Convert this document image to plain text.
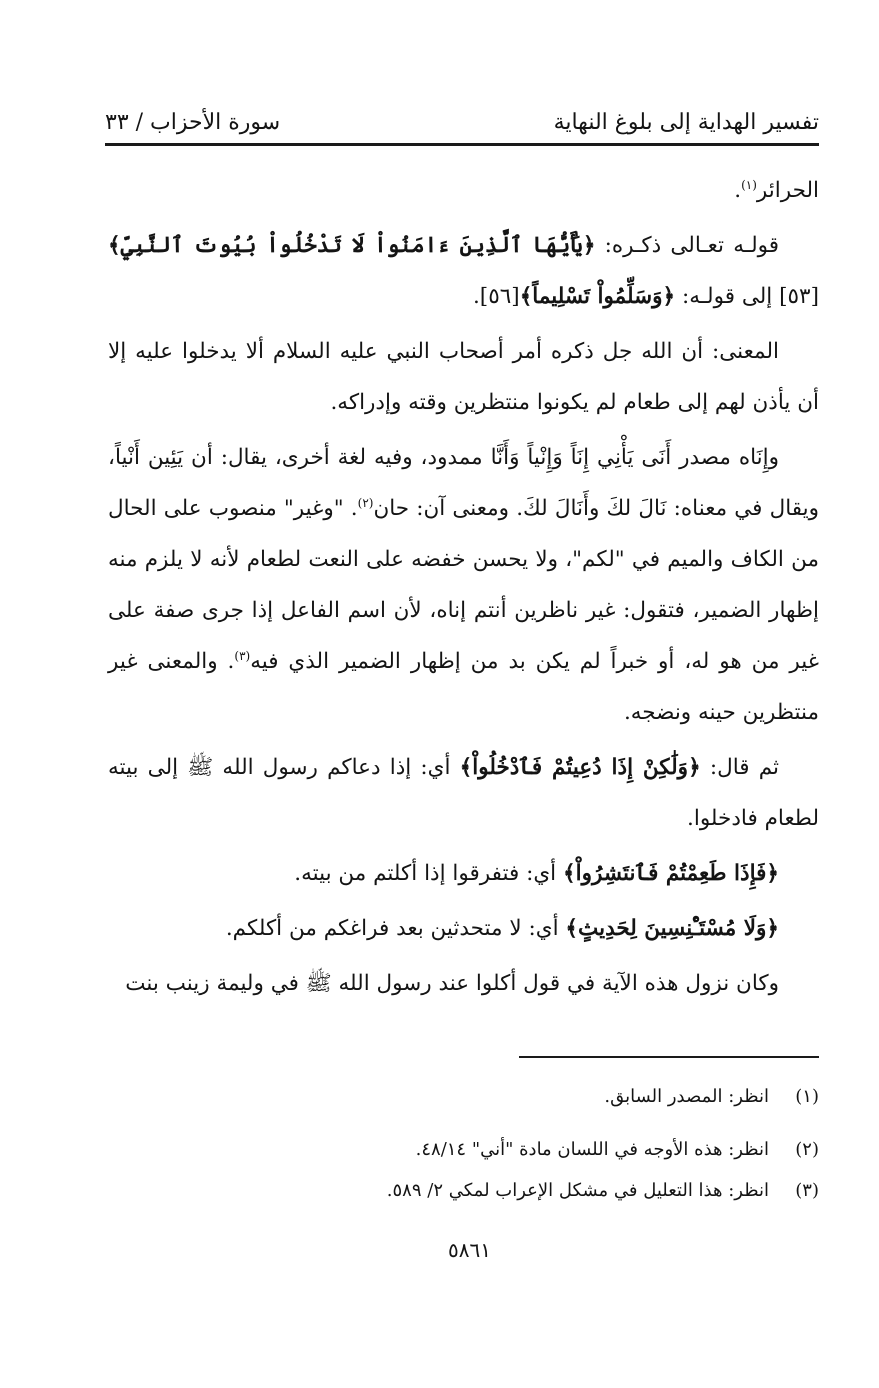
تفسير الهداية إلى بلوغ النهاية
سورة الأحزاب / ٣٣

الحرائر$^{(١)}$.

قولـه تعـالى ذكـره: ﴿يَٰأَيُّهَا ٱلَّذِينَ ءَامَنُواْ لَا تَدْخُلُواْ بُيُوتَ ٱلنَّبِيِّ﴾[٥٣] إلى قولـه: ﴿وَسَلِّمُواْ تَسْلِيماً﴾[٥٦].

المعنى: أن الله جل ذكره أمر أصحاب النبي عليه السلام ألا يدخلوا عليه إلا أن يأذن لهم إلى طعام لم يكونوا منتظرين وقته وإدراكه.

وإِنَاه مصدر أَنَى يَأْنِي إِنَاً وَإِنْياً وَأَنَّا ممدود، وفيه لغة أخرى، يقال: أن يَئِين أَنْياً، ويقال في معناه: نَالَ لكَ وأَنَالَ لكَ. ومعنى آن: حان$^{(٢)}$. "وغير" منصوب على الحال من الكاف والميم في "لكم"، ولا يحسن خفضه على النعت لطعام لأنه لا يلزم منه إظهار الضمير، فتقول: غير ناظرين أنتم إناه، لأن اسم الفاعل إذا جرى صفة على غير من هو له، أو خبراً لم يكن بد من إظهار الضمير الذي فيه$^{(٣)}$. والمعنى غير منتظرين حينه ونضجه.

ثم قال: ﴿وَلَٰكِنْ إِذَا دُعِيتُمْ فَٱدْخُلُواْ﴾ أي: إذا دعاكم رسول الله ﷺ إلى بيته لطعام فادخلوا.

﴿فَإِذَا طَعِمْتُمْ فَٱنتَشِرُواْ﴾ أي: فتفرقوا إذا أكلتم من بيته.

﴿وَلَا مُسْتَـْٔنِسِينَ لِحَدِيثٍ﴾ أي: لا متحدثين بعد فراغكم من أكلكم.

وكان نزول هذه الآية في قول أكلوا عند رسول الله ﷺ في وليمة زينب بنت

(١)
انظر: المصدر السابق.
(٢)
انظر: هذه الأوجه في اللسان مادة "أني" ٤٨/١٤.
(٣)
انظر: هذا التعليل في مشكل الإعراب لمكي ٢/ ٥٨٩.
٥٨٦١
